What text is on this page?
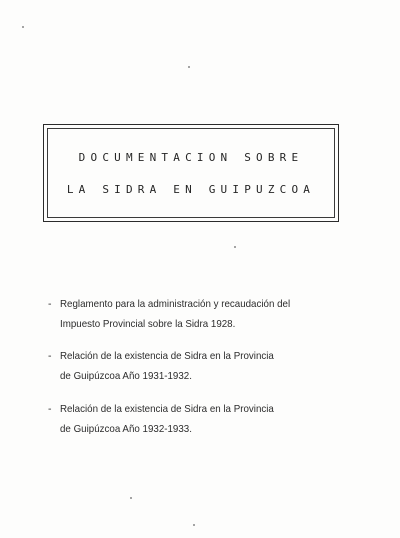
DOCUMENTACION SOBRE
LA SIDRA EN GUIPUZCOA
- Reglamento para la administración y recaudación del
Impuesto Provincial sobre la Sidra 1928.
- Relación de la existencia de Sidra en la Provincia
de Guipúzcoa Año 1931-1932.
- Relación de la existencia de Sidra en la Provincia
de Guipúzcoa Año 1932-1933.
